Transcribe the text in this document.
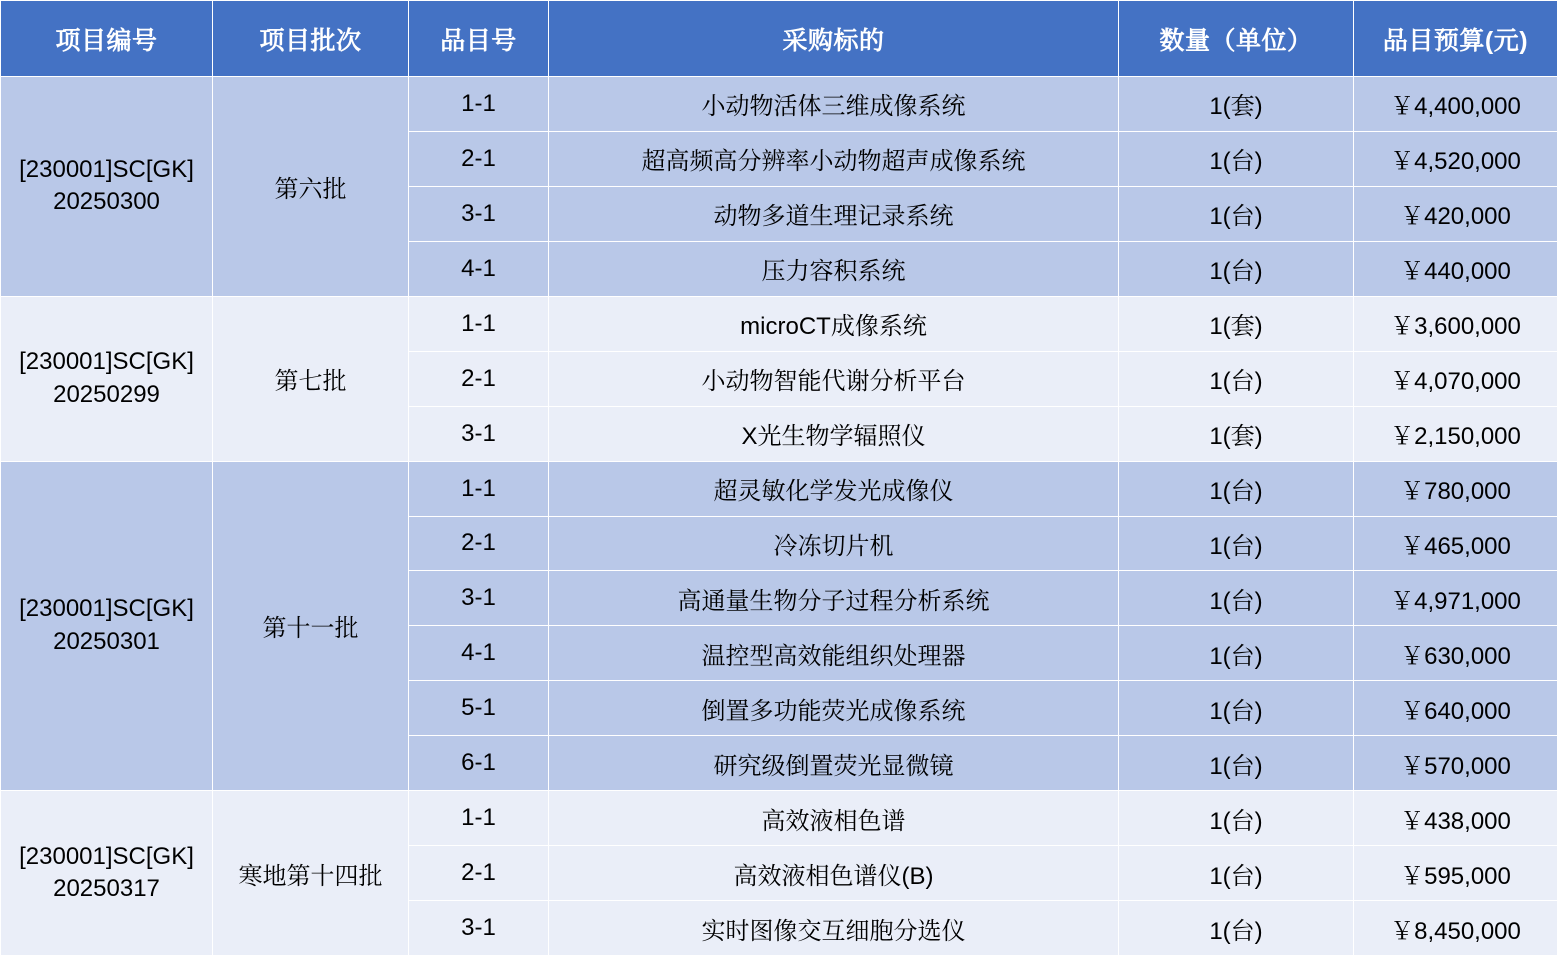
项目编号	项目批次	品目号	采购标的	数量（单位）	品目预算(元)

[230001]SC[GK]
20250300	第六批	1-1	小动物活体三维成像系统	1(套)	￥4,400,000
		2-1	超高频高分辨率小动物超声成像系统	1(台)	￥4,520,000
		3-1	动物多道生理记录系统	1(台)	￥420,000
		4-1	压力容积系统	1(台)	￥440,000

[230001]SC[GK]
20250299	第七批	1-1	microCT成像系统	1(套)	￥3,600,000
		2-1	小动物智能代谢分析平台	1(台)	￥4,070,000
		3-1	X光生物学辐照仪	1(套)	￥2,150,000

[230001]SC[GK]
20250301	第十一批	1-1	超灵敏化学发光成像仪	1(台)	￥780,000
		2-1	冷冻切片机	1(台)	￥465,000
		3-1	高通量生物分子过程分析系统	1(台)	￥4,971,000
		4-1	温控型高效能组织处理器	1(台)	￥630,000
		5-1	倒置多功能荧光成像系统	1(台)	￥640,000
		6-1	研究级倒置荧光显微镜	1(台)	￥570,000

[230001]SC[GK]
20250317	寒地第十四批	1-1	高效液相色谱	1(台)	￥438,000
		2-1	高效液相色谱仪(B)	1(台)	￥595,000
		3-1	实时图像交互细胞分选仪	1(台)	￥8,450,000
